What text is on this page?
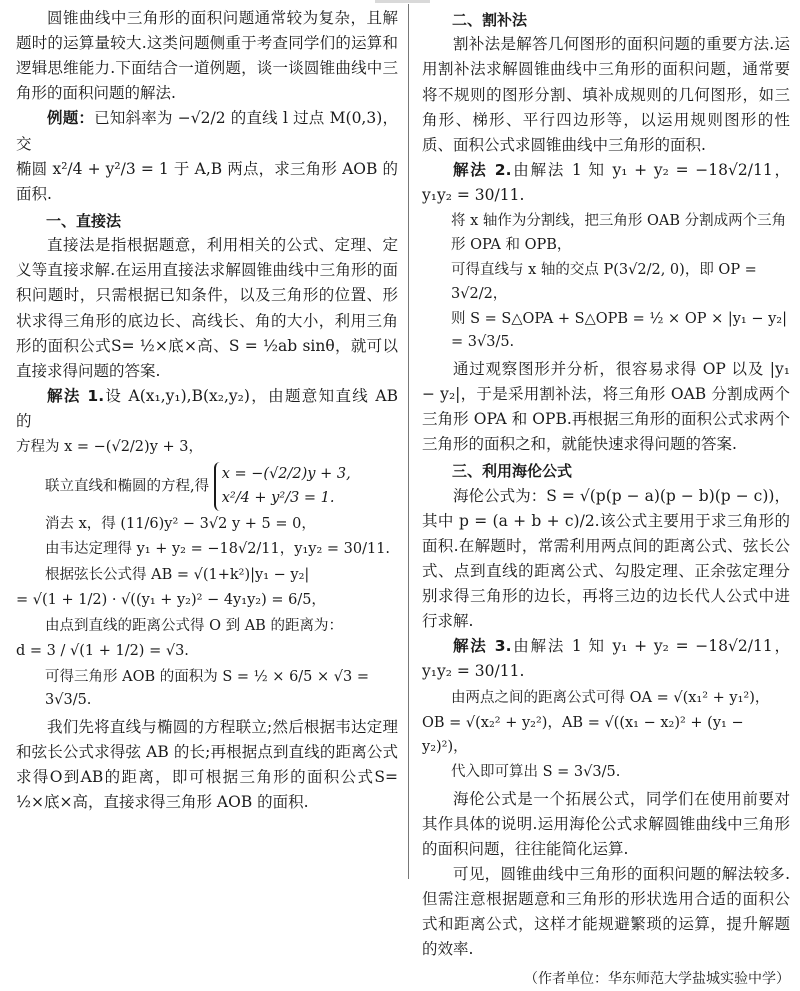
圆锥曲线中三角形的面积问题通常较为复杂，且解题时的运算量较大.这类问题侧重于考查同学们的运算和逻辑思维能力.下面结合一道例题，谈一谈圆锥曲线中三角形的面积问题的解法.

例题：已知斜率为 −√2/2 的直线 l 过点 M(0,3)，交

椭圆 x²/4 + y²/3 = 1 于 A,B 两点，求三角形 AOB 的面积.

一、直接法

直接法是指根据题意，利用相关的公式、定理、定义等直接求解.在运用直接法求解圆锥曲线中三角形的面积问题时，只需根据已知条件，以及三角形的位置、形状求得三角形的底边长、高线长、角的大小，利用三角形的面积公式S= ½×底×高、S = ½ab sinθ，就可以直接求得问题的答案.

解法 1.设 A(x₁,y₁),B(x₂,y₂)，由题意知直线 AB 的

方程为 x = −(√2/2)y + 3，
联立直线和椭圆的方程,得
x = −(√2/2)y + 3,
x²/4 + y²/3 = 1.
消去 x，得 (11/6)y² − 3√2 y + 5 = 0，
由韦达定理得 y₁ + y₂ = −18√2/11，y₁y₂ = 30/11.
根据弦长公式得 AB = √(1+k²)|y₁ − y₂|
= √(1 + 1/2) · √((y₁ + y₂)² − 4y₁y₂) = 6/5，
由点到直线的距离公式得 O 到 AB 的距离为：
d = 3 / √(1 + 1/2) = √3.
可得三角形 AOB 的面积为 S = ½ × 6/5 × √3 = 3√3/5.

我们先将直线与椭圆的方程联立;然后根据韦达定理和弦长公式求得弦 AB 的长;再根据点到直线的距离公式求得O到AB的距离，即可根据三角形的面积公式S= ½×底×高，直接求得三角形 AOB 的面积.

二、割补法

割补法是解答几何图形的面积问题的重要方法.运用割补法求解圆锥曲线中三角形的面积问题，通常要将不规则的图形分割、填补成规则的几何图形，如三角形、梯形、平行四边形等，以运用规则图形的性质、面积公式求圆锥曲线中三角形的面积.

解法 2.由解法 1 知 y₁ + y₂ = −18√2/11，y₁y₂ = 30/11.

将 x 轴作为分割线，把三角形 OAB 分割成两个三角形 OPA 和 OPB，
可得直线与 x 轴的交点 P(3√2/2, 0)，即 OP = 3√2/2，
则 S = S△OPA + S△OPB = ½ × OP × |y₁ − y₂| = 3√3/5.

通过观察图形并分析，很容易求得 OP 以及 |y₁ − y₂|，于是采用割补法，将三角形 OAB 分割成两个三角形 OPA 和 OPB.再根据三角形的面积公式求两个三角形的面积之和，就能快速求得问题的答案.

三、利用海伦公式

海伦公式为：S = √(p(p − a)(p − b)(p − c))，其中 p = (a + b + c)/2.该公式主要用于求三角形的面积.在解题时，常需利用两点间的距离公式、弦长公式、点到直线的距离公式、勾股定理、正余弦定理分别求得三角形的边长，再将三边的边长代人公式中进行求解.

解法 3.由解法 1 知 y₁ + y₂ = −18√2/11，y₁y₂ = 30/11.

由两点之间的距离公式可得 OA = √(x₁² + y₁²)，
OB = √(x₂² + y₂²)，AB = √((x₁ − x₂)² + (y₁ − y₂)²)，
代入即可算出 S = 3√3/5.

海伦公式是一个拓展公式，同学们在使用前要对其作具体的说明.运用海伦公式求解圆锥曲线中三角形的面积问题，往往能简化运算.

可见，圆锥曲线中三角形的面积问题的解法较多.但需注意根据题意和三角形的形状选用合适的面积公式和距离公式，这样才能规避繁琐的运算，提升解题的效率.

（作者单位：华东师范大学盐城实验中学）
